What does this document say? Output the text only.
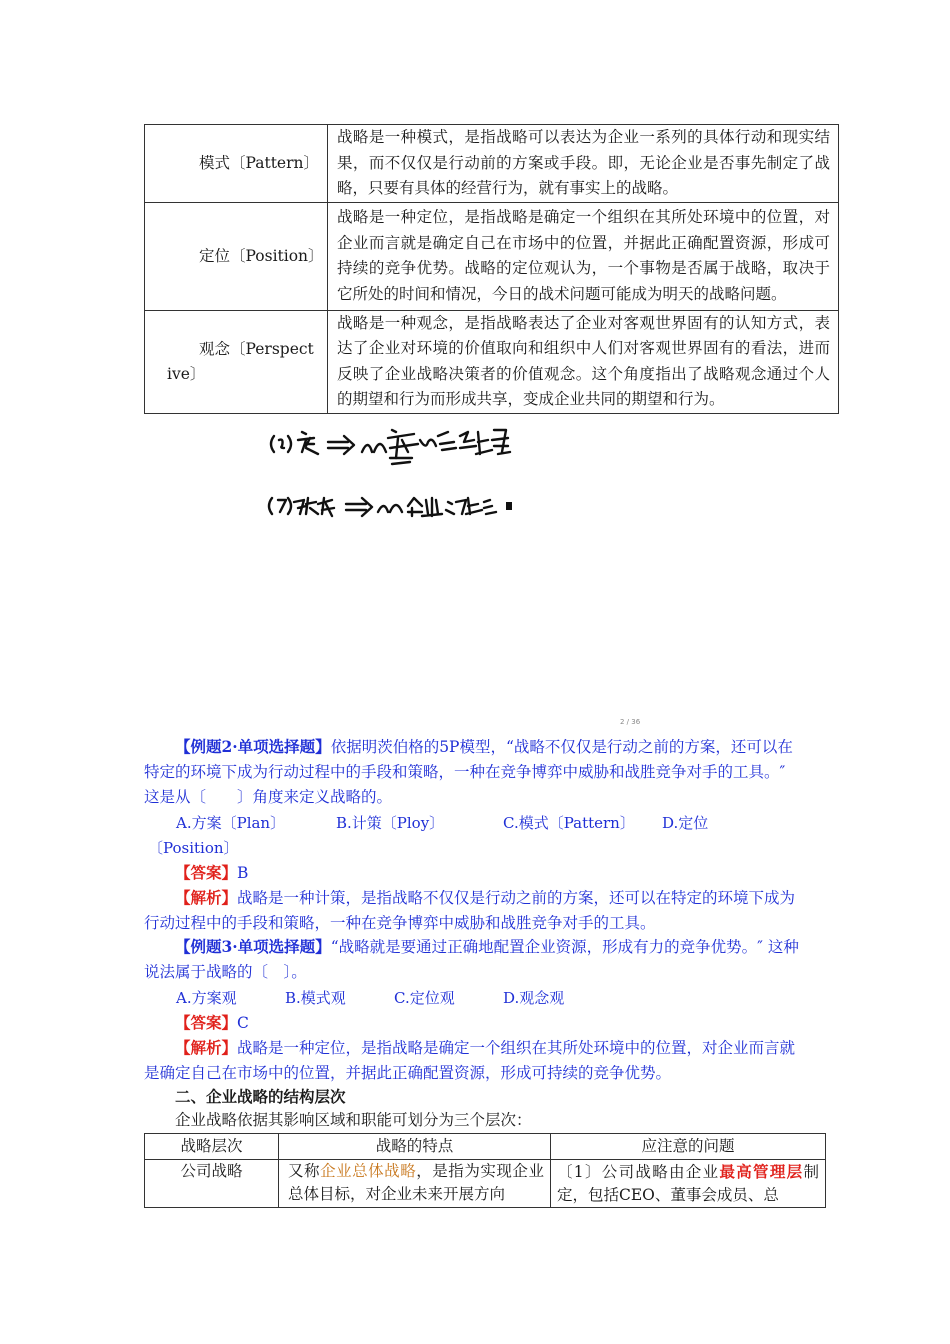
模式〔Pattern〕	战略是一种模式，是指战略可以表达为企业一系列的具体行动和现实结果，而不仅仅是行动前的方案或手段。即，无论企业是否事先制定了战略，只要有具体的经营行为，就有事实上的战略。
定位〔Position〕	战略是一种定位，是指战略是确定一个组织在其所处环境中的位置，对企业而言就是确定自己在市场中的位置，并据此正确配置资源，形成可持续的竞争优势。战略的定位观认为，一个事物是否属于战略，取决于它所处的时间和情况，今日的战术问题可能成为明天的战略问题。
观念〔Perspective〕	战略是一种观念，是指战略表达了企业对客观世界固有的认知方式，表达了企业对环境的价值取向和组织中人们对客观世界固有的看法，进而反映了企业战略决策者的价值观念。这个角度指出了战略观念通过个人的期望和行为而形成共享，变成企业共同的期望和行为。
2 / 36

【例题2·单项选择题】依据明茨伯格的5P模型，“战略不仅仅是行动之前的方案，还可以在特定的环境下成为行动过程中的手段和策略，一种在竞争博弈中威胁和战胜竞争对手的工具。″ 这是从〔　　〕角度来定义战略的。

A.方案〔Plan〕	B.计策〔Ploy〕	C.模式〔Pattern〕 D.定位
〔Position〕

【答案】B

【解析】战略是一种计策，是指战略不仅仅是行动之前的方案，还可以在特定的环境下成为行动过程中的手段和策略，一种在竞争博弈中威胁和战胜竞争对手的工具。

【例题3·单项选择题】“战略就是要通过正确地配置企业资源，形成有力的竞争优势。″ 这种说法属于战略的〔　〕。

A.方案观	B.模式观	C.定位观	D.观念观

【答案】C

【解析】战略是一种定位，是指战略是确定一个组织在其所处环境中的位置，对企业而言就是确定自己在市场中的位置，并据此正确配置资源，形成可持续的竞争优势。

二、企业战略的结构层次

企业战略依据其影响区域和职能可划分为三个层次：

战略层次	战略的特点	应注意的问题
公司战略	又称企业总体战略，是指为实现企业总体目标，对企业未来开展方向	〔1〕公司战略由企业最高管理层制定，包括CEO、董事会成员、总
